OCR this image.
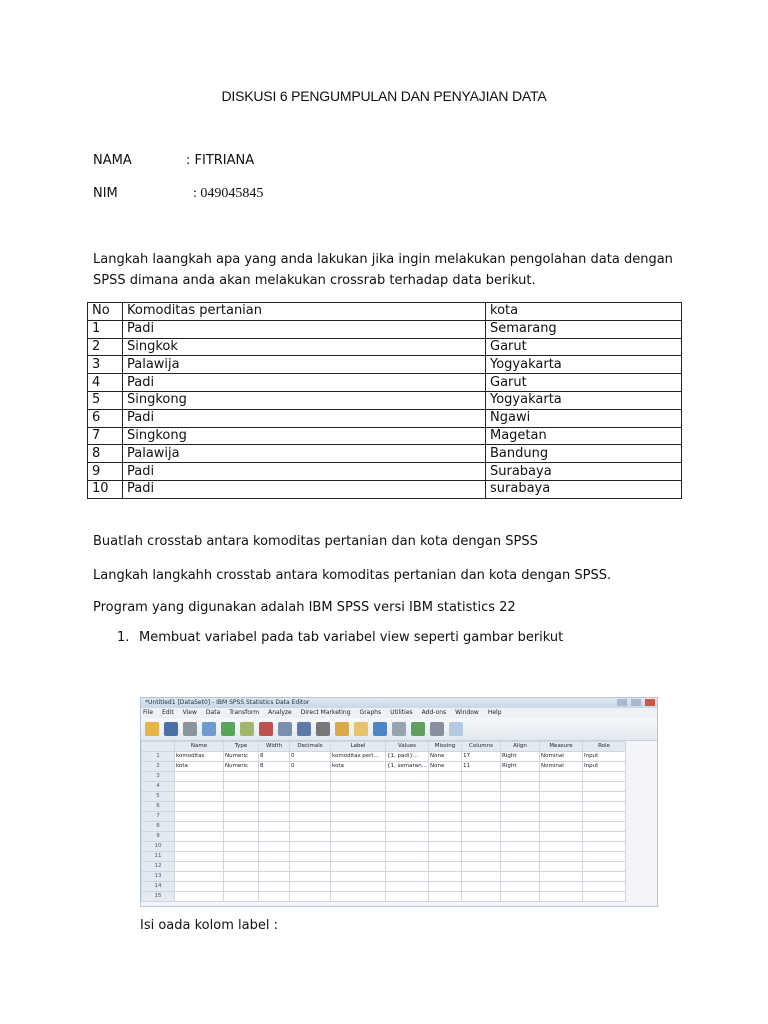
DISKUSI 6 PENGUMPULAN DAN PENYAJIAN DATA
NAMA	: FITRIANA
NIM	: 049045845
Langkah laangkah apa yang anda lakukan jika ingin melakukan pengolahan data dengan SPSS dimana anda akan melakukan crossrab terhadap data berikut.
No	Komoditas pertanian	kota
1	Padi	Semarang
2	Singkok	Garut
3	Palawija	Yogyakarta
4	Padi	Garut
5	Singkong	Yogyakarta
6	Padi	Ngawi
7	Singkong	Magetan
8	Palawija	Bandung
9	Padi	Surabaya
10	Padi	surabaya
Buatlah crosstab antara komoditas pertanian dan kota dengan SPSS
Langkah langkahh crosstab antara komoditas pertanian dan kota dengan SPSS.
Program yang digunakan adalah IBM SPSS versi IBM statistics 22
1. Membuat variabel pada tab variabel view seperti gambar berikut
*Untitled1 [DataSet0] - IBM SPSS Statistics Data Editor
File Edit View Data Transform Analyze Direct Marketing Graphs Utilities Add-ons Window Help
	Name	Type	Width	Decimals	Label	Values	Missing	Columns	Align	Measure	Role
1	komoditas	Numeric	8	0	komoditas pert...	{1, padi}...	None	17	Right	Nominal	Input
2	kota	Numeric	8	0	kota	{1, semaran...	None	11	Right	Nominal	Input
3											
4											
5											
6											
7											
8											
9											
10											
11											
12											
13											
14											
15											
Isi oada kolom label :
